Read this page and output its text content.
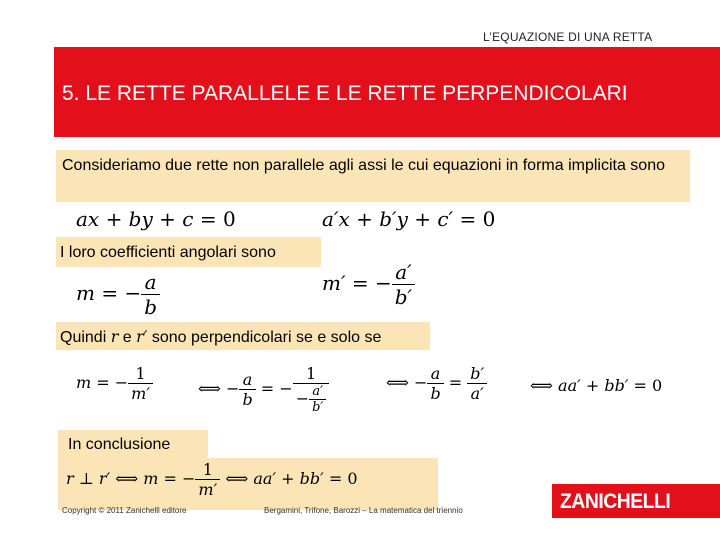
L’EQUAZIONE DI UNA RETTA
5. LE RETTE PARALLELE E LE RETTE PERPENDICOLARI
Consideriamo due rette non parallele agli assi le cui equazioni in forma implicita sono
ax + by + c = 0	a′x + b′y + c′ = 0
I loro coefficienti angolari sono
m = − $\frac{a}{b}$	m′ = − $\frac{a'}{b'}$
Quindi r e r′ sono perpendicolari se e solo se
m = − $\frac{1}{m'}$	⟺ − $\frac{a}{b}$ = − $\frac{1}{- \frac{a'}{b'}}$	⟺ − $\frac{a}{b} = \frac{b'}{a'}$	⟺ aa′ + bb′ = 0
In conclusione
r ⊥ r′ ⟺ m = − $\frac{1}{m'}$ ⟺ aa′ + bb′ = 0
Copyright © 2011 Zanichelli editore	Bergamini, Trifone, Barozzi – La matematica del triennio	ZANICHELLI
